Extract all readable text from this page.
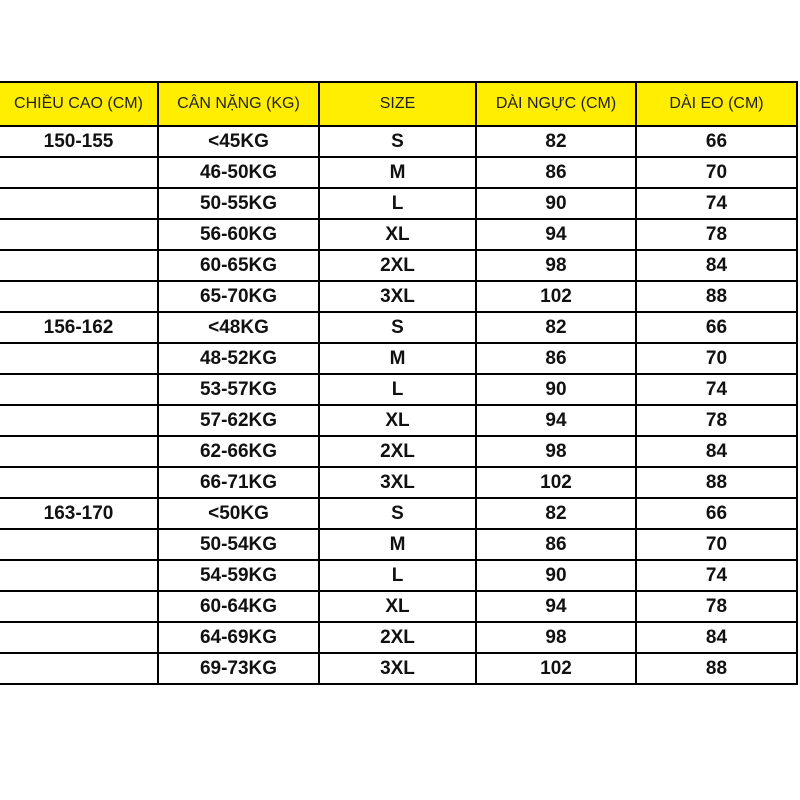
CHIỀU CAO (CM)	CÂN NẶNG (KG)	SIZE	DÀI NGỰC (CM)	DÀI EO (CM)
150-155	<45KG	S	82	66
	46-50KG	M	86	70
	50-55KG	L	90	74
	56-60KG	XL	94	78
	60-65KG	2XL	98	84
	65-70KG	3XL	102	88
156-162	<48KG	S	82	66
	48-52KG	M	86	70
	53-57KG	L	90	74
	57-62KG	XL	94	78
	62-66KG	2XL	98	84
	66-71KG	3XL	102	88
163-170	<50KG	S	82	66
	50-54KG	M	86	70
	54-59KG	L	90	74
	60-64KG	XL	94	78
	64-69KG	2XL	98	84
	69-73KG	3XL	102	88
